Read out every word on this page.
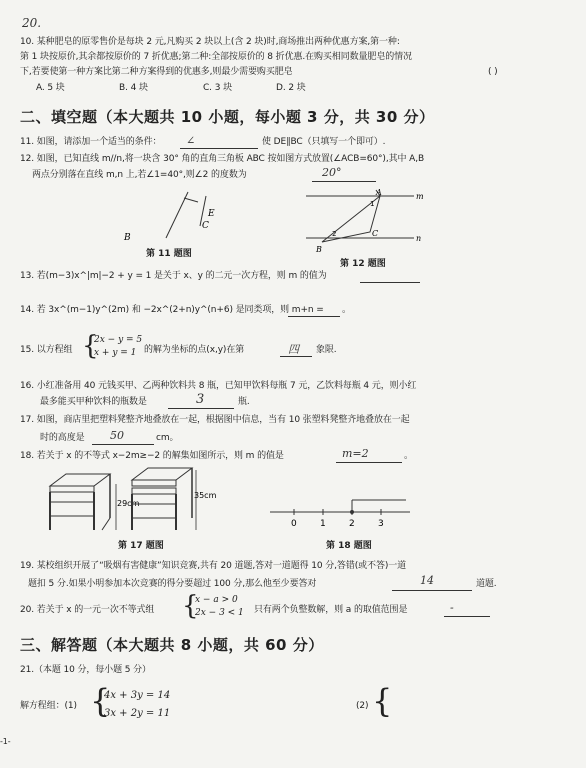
20.
10. 某种肥皂的原零售价是每块 2 元,凡购买 2 块以上(含 2 块)时,商场推出两种优惠方案,第一种:
第 1 块按原价,其余都按原价的 7 折优惠;第二种:全部按原价的 8 折优惠.在购买相同数量肥皂的情况
下,若要使第一种方案比第二种方案得到的优惠多,则最少需要购买肥皂	( )
A. 5 块	B. 4 块	C. 3 块	D. 2 块
二、填空题（本大题共 10 小题，每小题 3 分，共 30 分）
11. 如图，请添加一个适当的条件： ∠	使 DE∥BC（只填写一个即可）.
12. 如图，已知直线 m//n,将一块含 30° 角的直角三角板 ABC 按如图方式放置(∠ACB=60°),其中 A,B
两点分别落在直线 m,n 上,若∠1=40°,则∠2 的度数为	20°
B
E
C
第 11 题图
A	m
n
B
C
1
2
第 12 题图
13. 若(m−3)x^|m|−2 + y = 1 是关于 x、y 的二元一次方程，则 m 的值为
14. 若 3x^(m−1)y^(2m) 和 −2x^(2+n)y^(n+6) 是同类项，则 m+n = 。
15. 以方程组 {
2x − y = 5
x + y = 1 的解为坐标的点(x,y)在第	四 象限.
16. 小红准备用 40 元钱买甲、乙两种饮料共 8 瓶，已知甲饮料每瓶 7 元，乙饮料每瓶 4 元，则小红
最多能买甲种饮料的瓶数是	3	瓶.
17. 如图，商店里把塑料凳整齐地叠放在一起，根据图中信息，当有 10 张塑料凳整齐地叠放在一起
时的高度是 50	cm。
18. 若关于 x 的不等式 x−2m≥−2 的解集如图所示，则 m 的值是	m=2	。
29cm
35cm
第 17 题图
0	1	2	3
第 18 题图
19. 某校组织开展了“吸烟有害健康”知识竞赛,共有 20 道题,答对一道题得 10 分,答错(或不答)一道
题扣 5 分.如果小明参加本次竞赛的得分要超过 100 分,那么他至少要答对	14	道题.
20. 若关于 x 的一元一次不等式组 {
x − a > 0
2x − 3 < 1 只有两个负整数解，则 a 的取值范围是	-
三、解答题（本大题共 8 小题，共 60 分）
21.（本题 10 分，每小题 5 分）
解方程组：(1) {
4x + 3y = 14
3x + 2y = 11
(2) {
-1-
